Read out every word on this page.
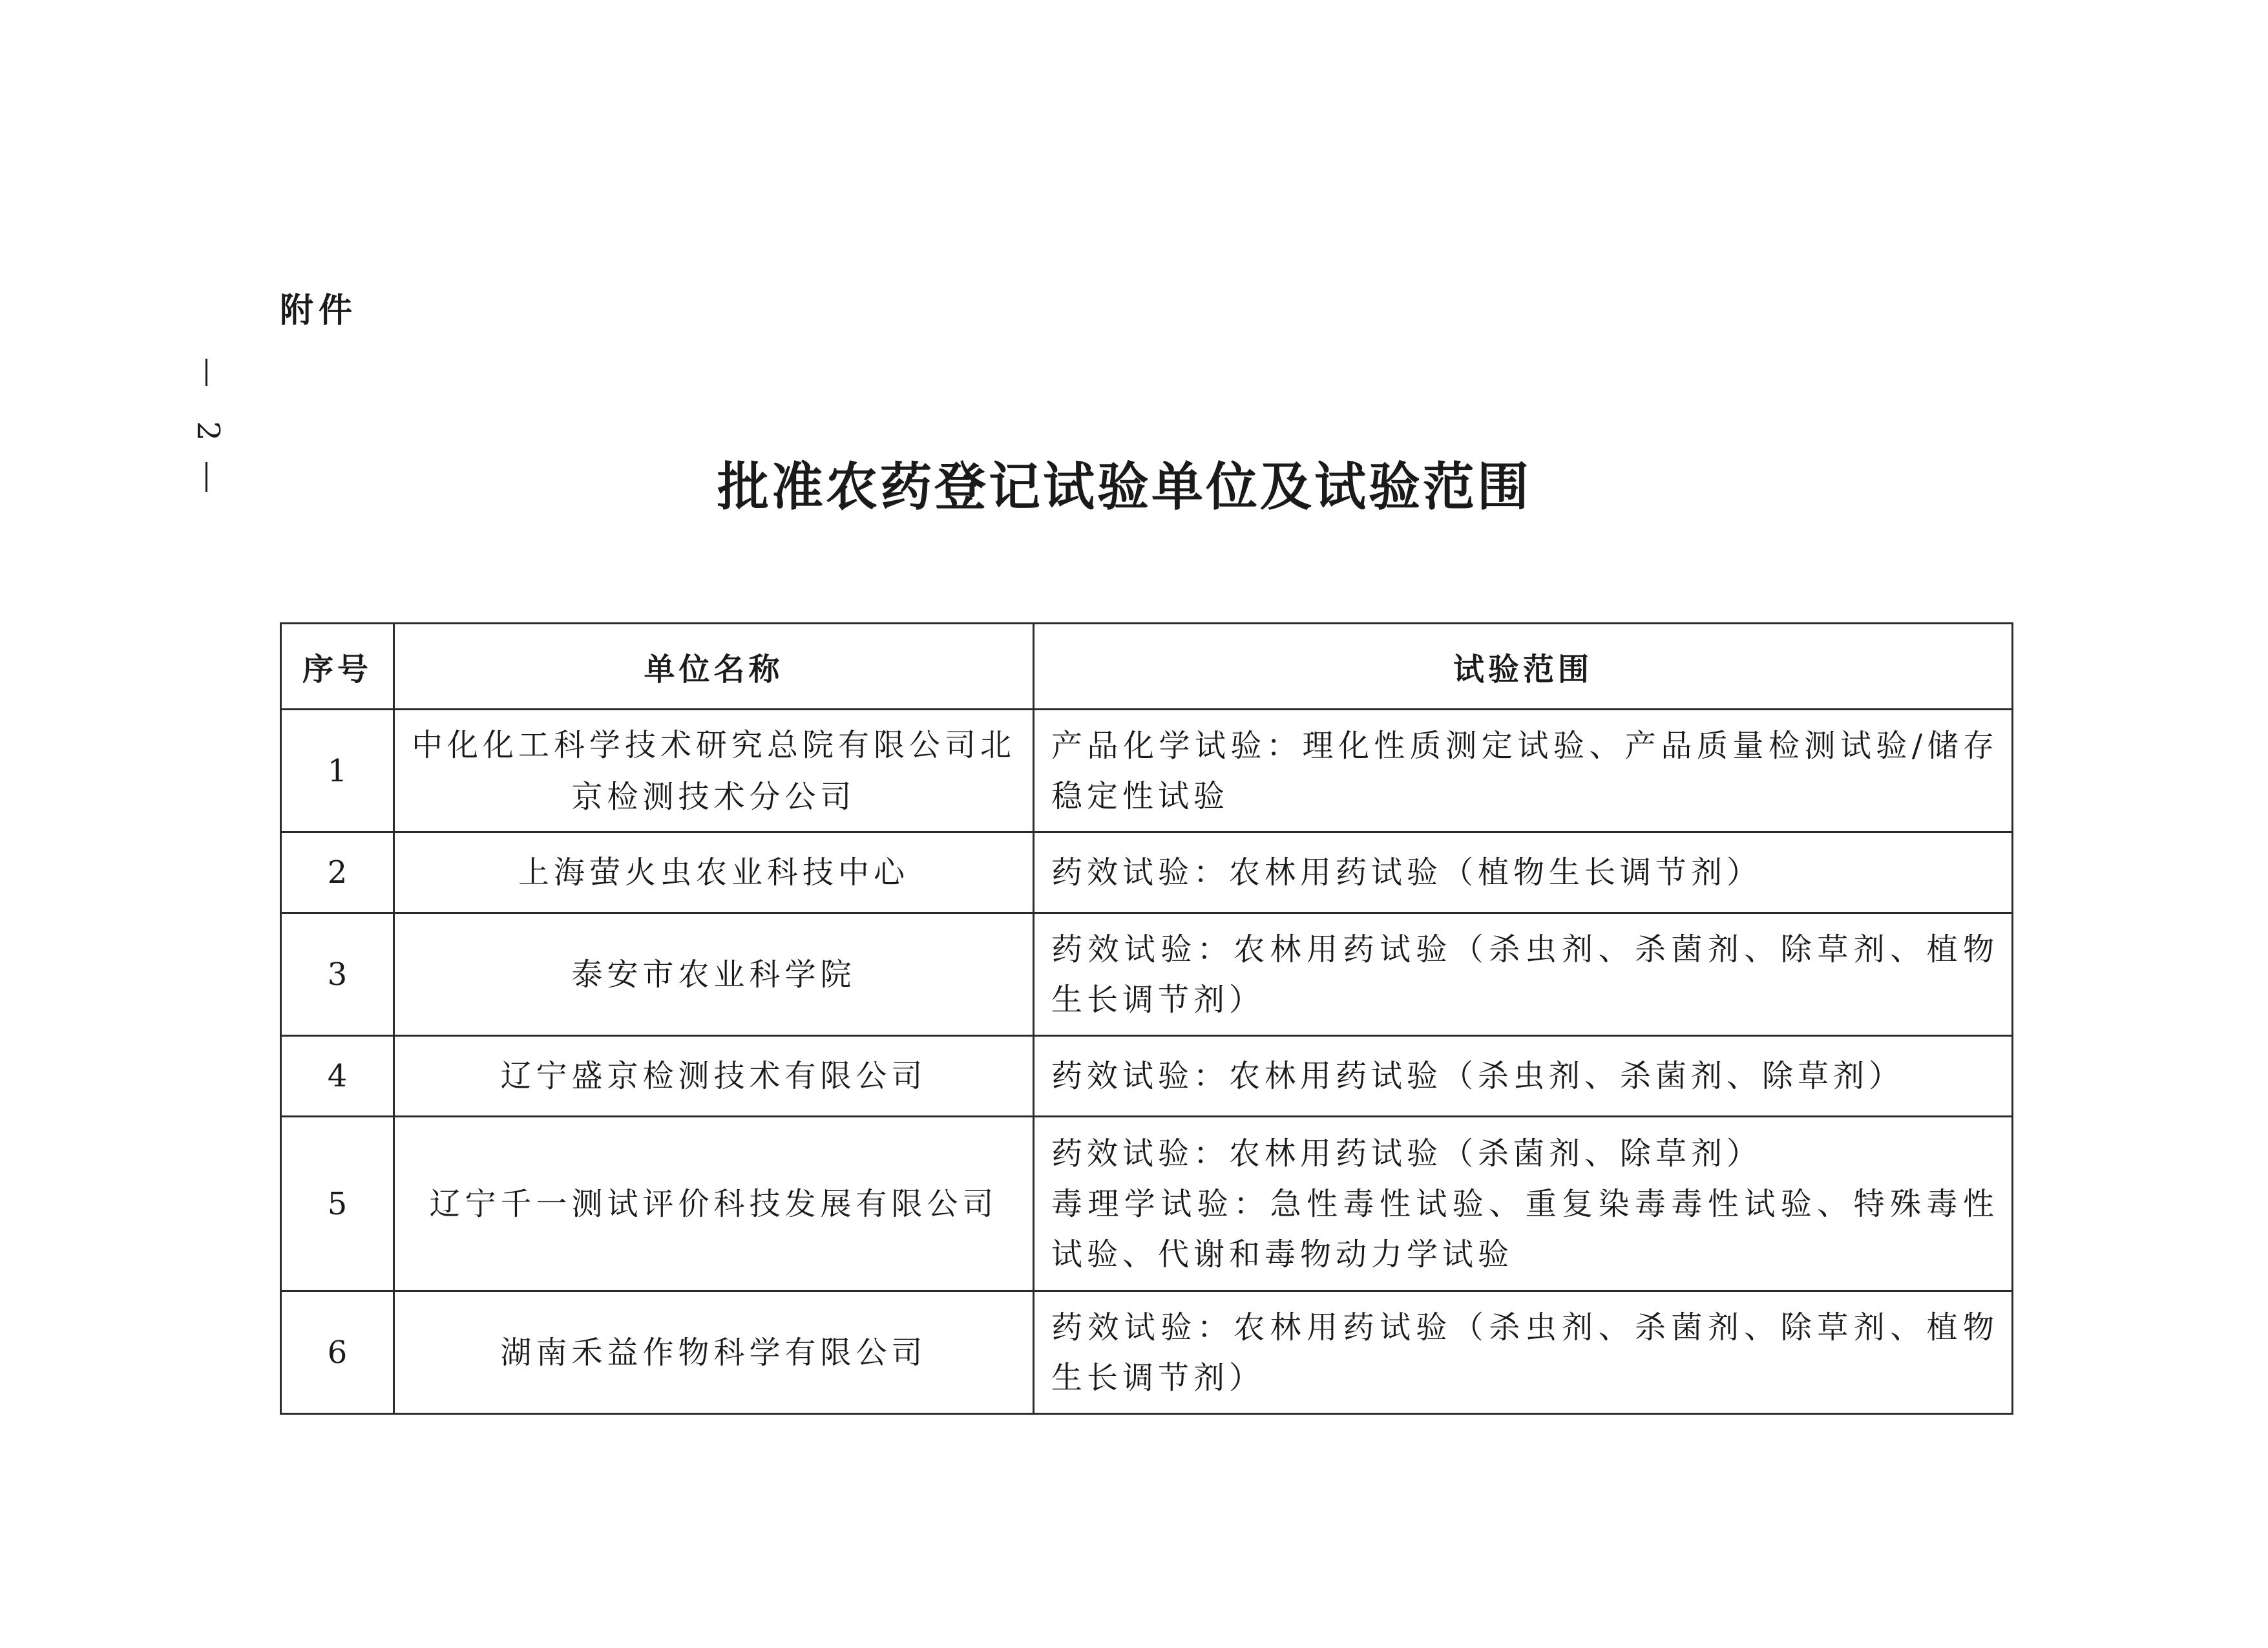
附件
2
批准农药登记试验单位及试验范围
序号	单位名称	试验范围
1	中化化工科学技术研究总院有限公司北京检测技术分公司	产品化学试验：理化性质测定试验、产品质量检测试验/储存稳定性试验

2	上海萤火虫农业科技中心	药效试验：农林用药试验（植物生长调节剂）

3	泰安市农业科学院	药效试验：农林用药试验（杀虫剂、杀菌剂、除草剂、植物生长调节剂）

4	辽宁盛京检测技术有限公司	药效试验：农林用药试验（杀虫剂、杀菌剂、除草剂）

5	辽宁千一测试评价科技发展有限公司	药效试验：农林用药试验（杀菌剂、除草剂）
毒理学试验：急性毒性试验、重复染毒毒性试验、特殊毒性试验、代谢和毒物动力学试验

6	湖南禾益作物科学有限公司	药效试验：农林用药试验（杀虫剂、杀菌剂、除草剂、植物生长调节剂）
